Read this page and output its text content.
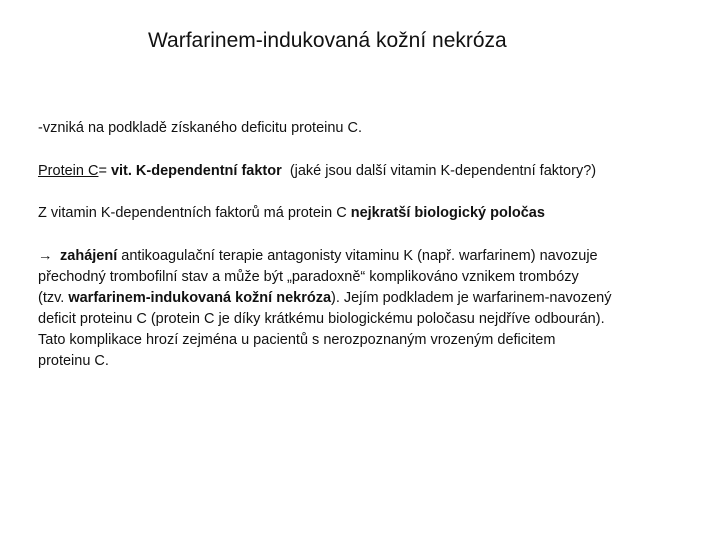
Warfarinem-indukovaná kožní nekróza

-vzniká na podkladě získaného deficitu proteinu C.

Protein C= vit. K-dependentní faktor (jaké jsou další vitamin K-dependentní faktory?)

Z vitamin K-dependentních faktorů má protein C nejkratší biologický poločas

→ zahájení antikoagulační terapie antagonisty vitaminu K (např. warfarinem) navozuje
přechodný trombofilní stav a může být „paradoxně“ komplikováno vznikem trombózy
(tzv. warfarinem-indukovaná kožní nekróza). Jejím podkladem je warfarinem-navozený
deficit proteinu C (protein C je díky krátkému biologickému poločasu nejdříve odbourán).
Tato komplikace hrozí zejména u pacientů s nerozpoznaným vrozeným deficitem
proteinu C.
